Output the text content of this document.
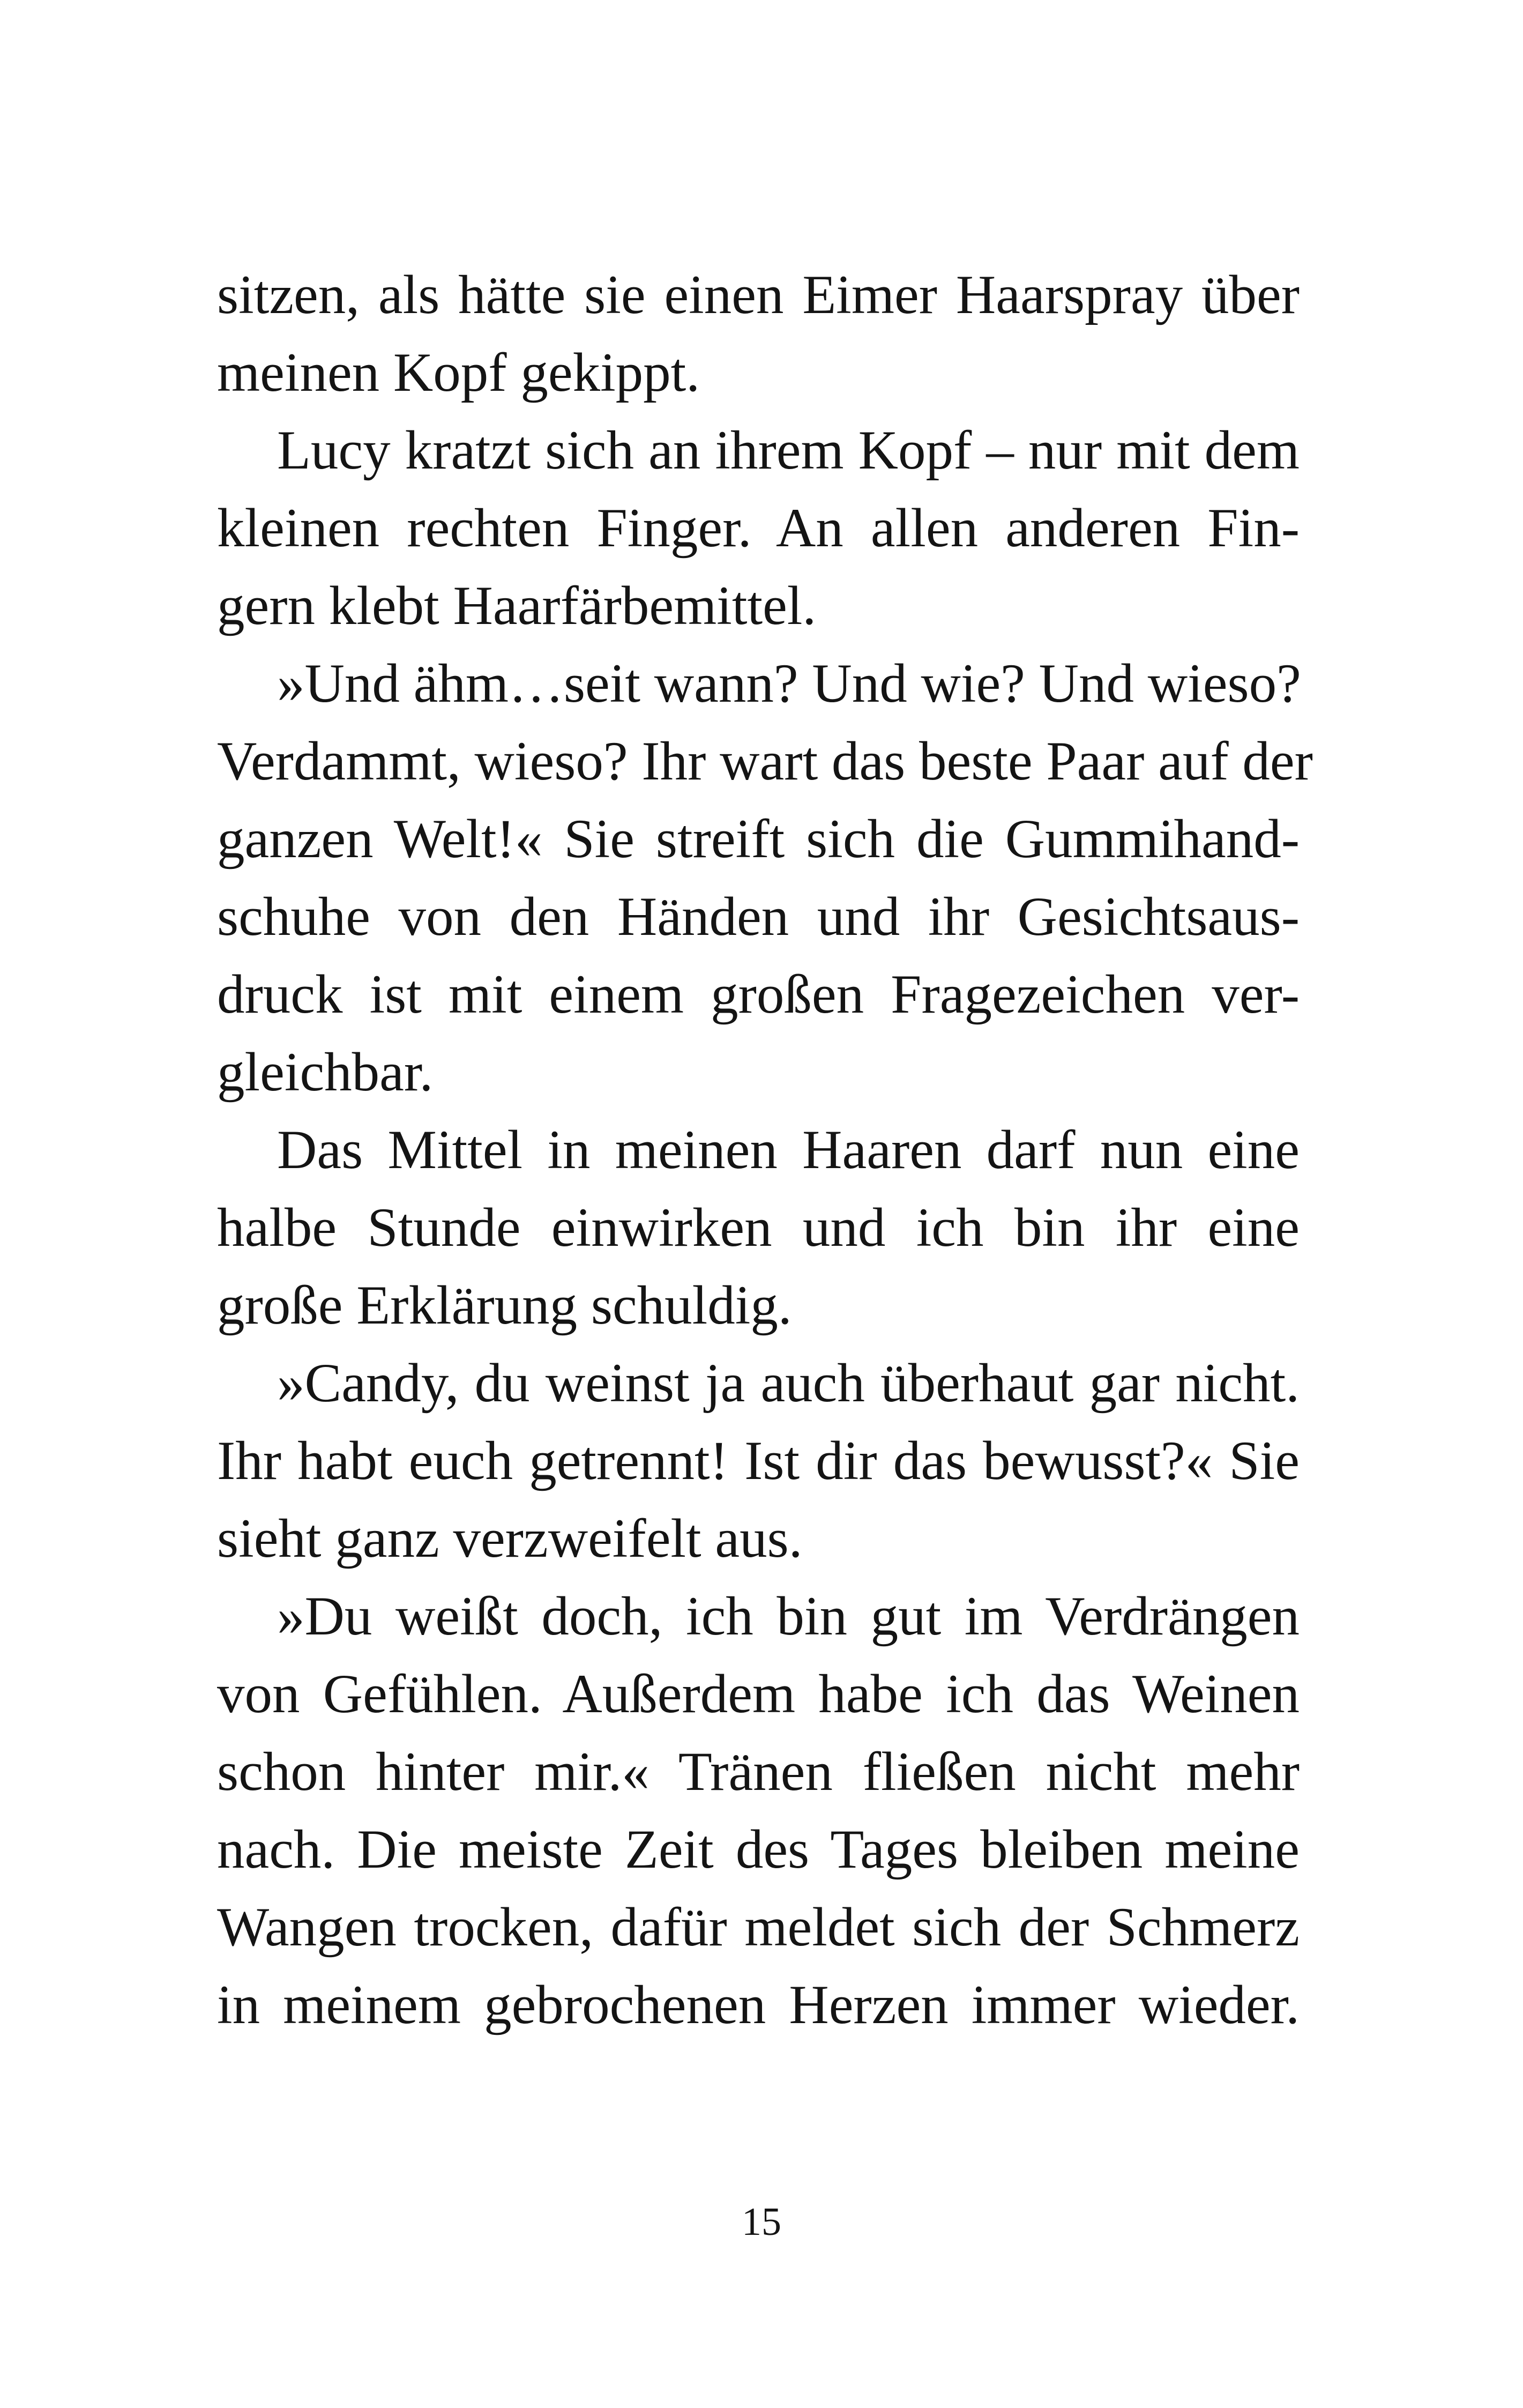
sitzen, als hätte sie einen Eimer Haarspray über
meinen Kopf gekippt.
Lucy kratzt sich an ihrem Kopf – nur mit dem
kleinen rechten Finger. An allen anderen Fin-
gern klebt Haarfärbemittel.
»Und ähm…seit wann? Und wie? Und wieso?
Verdammt, wieso? Ihr wart das beste Paar auf der
ganzen Welt!« Sie streift sich die Gummihand-
schuhe von den Händen und ihr Gesichtsaus-
druck ist mit einem großen Fragezeichen ver-
gleichbar.
Das Mittel in meinen Haaren darf nun eine
halbe Stunde einwirken und ich bin ihr eine
große Erklärung schuldig.
»Candy, du weinst ja auch überhaut gar nicht.
Ihr habt euch getrennt! Ist dir das bewusst?« Sie
sieht ganz verzweifelt aus.
»Du weißt doch, ich bin gut im Verdrängen
von Gefühlen. Außerdem habe ich das Weinen
schon hinter mir.« Tränen fließen nicht mehr
nach. Die meiste Zeit des Tages bleiben meine
Wangen trocken, dafür meldet sich der Schmerz
in meinem gebrochenen Herzen immer wieder.
15
